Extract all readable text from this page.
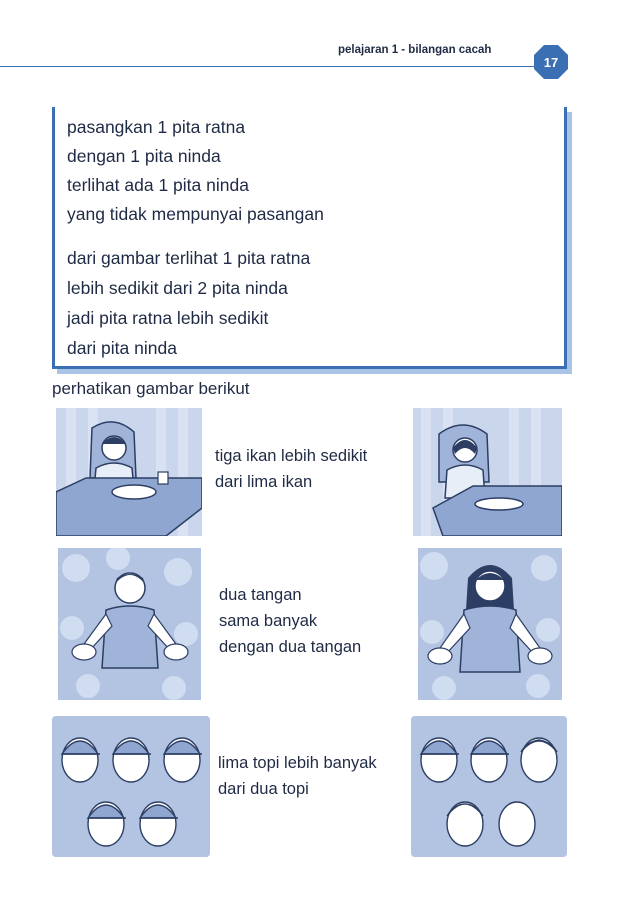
pelajaran 1 - bilangan cacah
17

pasangkan 1 pita ratna

dengan 1 pita ninda

terlihat ada 1 pita ninda

yang tidak mempunyai pasangan

dari gambar terlihat 1 pita ratna

lebih sedikit dari 2 pita ninda

jadi pita ratna lebih sedikit

dari pita ninda

perhatikan gambar berikut
tiga ikan lebih sedikit
dari lima ikan
dua tangan
sama banyak
dengan dua tangan
lima topi lebih banyak
dari dua topi
